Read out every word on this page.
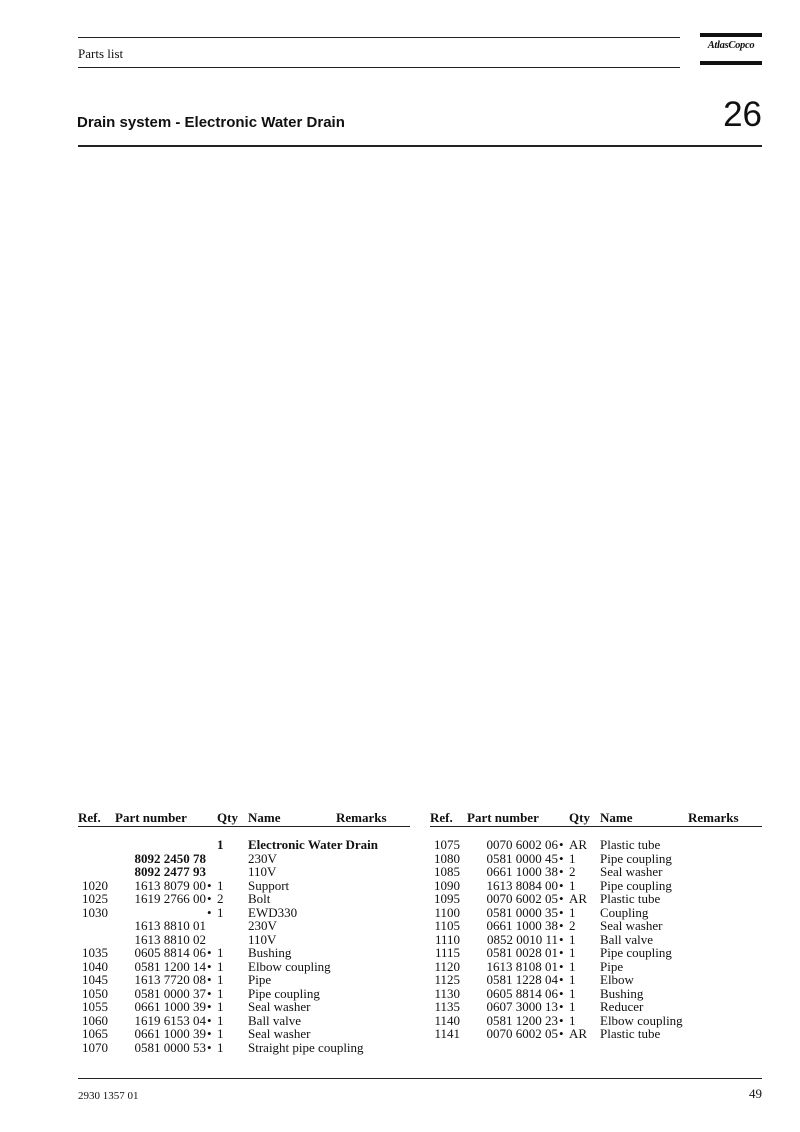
Parts list
AtlasCopco
Drain system - Electronic Water Drain	26
Ref. Part number Qty Name	Remarks
1 Electronic Water Drain
8092 2450 78	230V
8092 2477 93	110V
1020	1613 8079 00 • 1 Support
1025	1619 2766 00 • 2 Bolt
1030	• 1 EWD330
1613 8810 01	230V
1613 8810 02	110V
1035	0605 8814 06 • 1 Bushing
1040	0581 1200 14 • 1 Elbow coupling
1045	1613 7720 08 • 1 Pipe
1050	0581 0000 37 • 1 Pipe coupling
1055	0661 1000 39 • 1 Seal washer
1060	1619 6153 04 • 1 Ball valve
1065	0661 1000 39 • 1 Seal washer
1070	0581 0000 53 • 1 Straight pipe coupling
Ref. Part number Qty Name	Remarks
1075	0070 6002 06 • AR Plastic tube
1080	0581 0000 45 • 1 Pipe coupling
1085	0661 1000 38 • 2 Seal washer
1090	1613 8084 00 • 1 Pipe coupling
1095	0070 6002 05 • AR Plastic tube
1100	0581 0000 35 • 1 Coupling
1105	0661 1000 38 • 2 Seal washer
1110	0852 0010 11 • 1 Ball valve
1115	0581 0028 01 • 1 Pipe coupling
1120	1613 8108 01 • 1 Pipe
1125	0581 1228 04 • 1 Elbow
1130	0605 8814 06 • 1 Bushing
1135	0607 3000 13 • 1 Reducer
1140	0581 1200 23 • 1 Elbow coupling
1141	0070 6002 05 • AR Plastic tube
2930 1357 01	49
